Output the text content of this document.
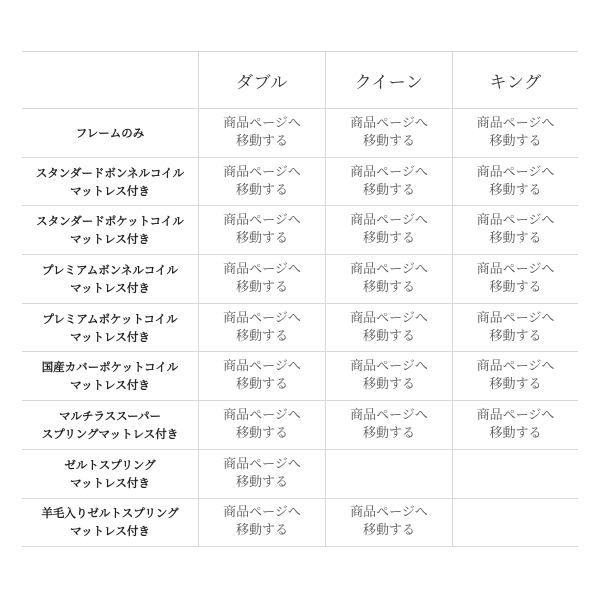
ダブル	クイーン	キング
フレームのみ
商品ページへ
移動する
商品ページへ
移動する
商品ページへ
移動する
スタンダードボンネルコイル
マットレス付き
商品ページへ
移動する
商品ページへ
移動する
商品ページへ
移動する
スタンダードポケットコイル
マットレス付き
商品ページへ
移動する
商品ページへ
移動する
商品ページへ
移動する
プレミアムボンネルコイル
マットレス付き
商品ページへ
移動する
商品ページへ
移動する
商品ページへ
移動する
プレミアムポケットコイル
マットレス付き
商品ページへ
移動する
商品ページへ
移動する
商品ページへ
移動する
国産カバーポケットコイル
マットレス付き
商品ページへ
移動する
商品ページへ
移動する
商品ページへ
移動する
マルチラススーパー
スプリングマットレス付き
商品ページへ
移動する
商品ページへ
移動する
商品ページへ
移動する
ゼルトスプリング
マットレス付き
商品ページへ
移動する
羊毛入りゼルトスプリング
マットレス付き
商品ページへ
移動する
商品ページへ
移動する
